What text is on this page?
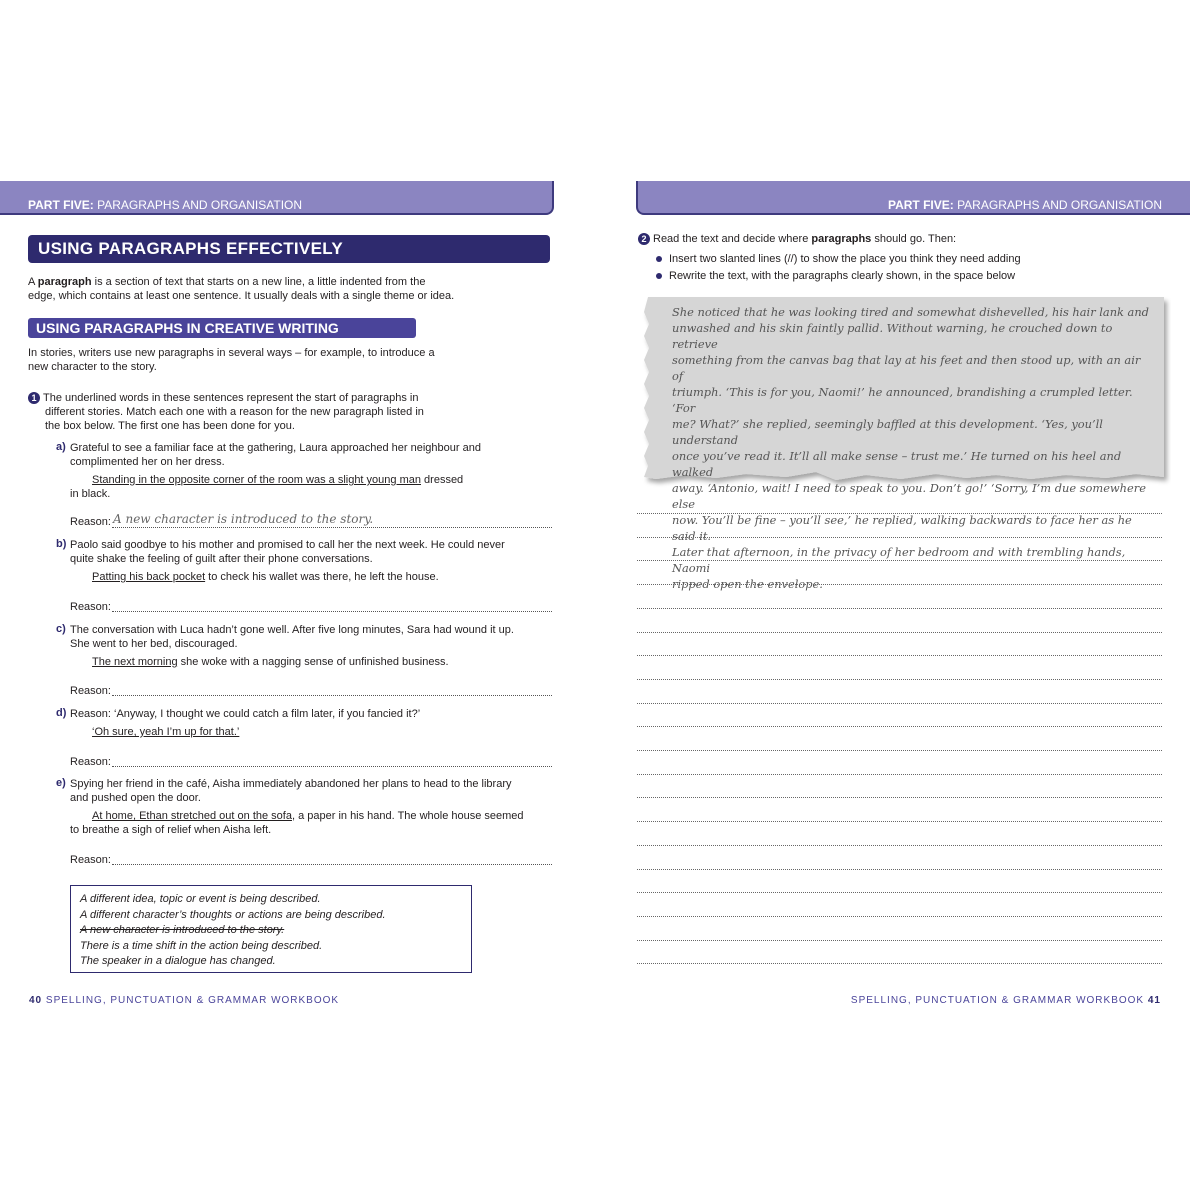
PART FIVE: PARAGRAPHS AND ORGANISATION
USING PARAGRAPHS EFFECTIVELY
A paragraph is a section of text that starts on a new line, a little indented from the
edge, which contains at least one sentence. It usually deals with a single theme or idea.
USING PARAGRAPHS IN CREATIVE WRITING
In stories, writers use new paragraphs in several ways – for example, to introduce a
new character to the story.
1 The underlined words in these sentences represent the start of paragraphs in
different stories. Match each one with a reason for the new paragraph listed in
the box below. The first one has been done for you.
a) Grateful to see a familiar face at the gathering, Laura approached her neighbour and
complimented her on her dress.
Standing in the opposite corner of the room was a slight young man dressed
in black.
Reason: A new character is introduced to the story.
b) Paolo said goodbye to his mother and promised to call her the next week. He could never
quite shake the feeling of guilt after their phone conversations.
Patting his back pocket to check his wallet was there, he left the house.
Reason:
c) The conversation with Luca hadn’t gone well. After five long minutes, Sara had wound it up.
She went to her bed, discouraged.
The next morning she woke with a nagging sense of unfinished business.
Reason:
d) Reason: ‘Anyway, I thought we could catch a film later, if you fancied it?’
‘Oh sure, yeah I’m up for that.’
Reason:
e) Spying her friend in the café, Aisha immediately abandoned her plans to head to the library
and pushed open the door.
At home, Ethan stretched out on the sofa, a paper in his hand. The whole house seemed
to breathe a sigh of relief when Aisha left.
Reason:
A different idea, topic or event is being described.
A different character’s thoughts or actions are being described.
A new character is introduced to the story.
There is a time shift in the action being described.
The speaker in a dialogue has changed.
40 SPELLING, PUNCTUATION & GRAMMAR WORKBOOK
PART FIVE: PARAGRAPHS AND ORGANISATION
2 Read the text and decide where paragraphs should go. Then:
Insert two slanted lines (//) to show the place you think they need adding
Rewrite the text, with the paragraphs clearly shown, in the space below
She noticed that he was looking tired and somewhat dishevelled, his hair lank and
unwashed and his skin faintly pallid. Without warning, he crouched down to retrieve
something from the canvas bag that lay at his feet and then stood up, with an air of
triumph. ‘This is for you, Naomi!’ he announced, brandishing a crumpled letter. ‘For
me? What?’ she replied, seemingly baffled at this development. ‘Yes, you’ll understand
once you’ve read it. It’ll all make sense – trust me.’ He turned on his heel and walked
away. ‘Antonio, wait! I need to speak to you. Don’t go!’ ‘Sorry, I’m due somewhere else
now. You’ll be fine – you’ll see,’ he replied, walking backwards to face her as he said it.
Later that afternoon, in the privacy of her bedroom and with trembling hands, Naomi
ripped open the envelope.
SPELLING, PUNCTUATION & GRAMMAR WORKBOOK 41
